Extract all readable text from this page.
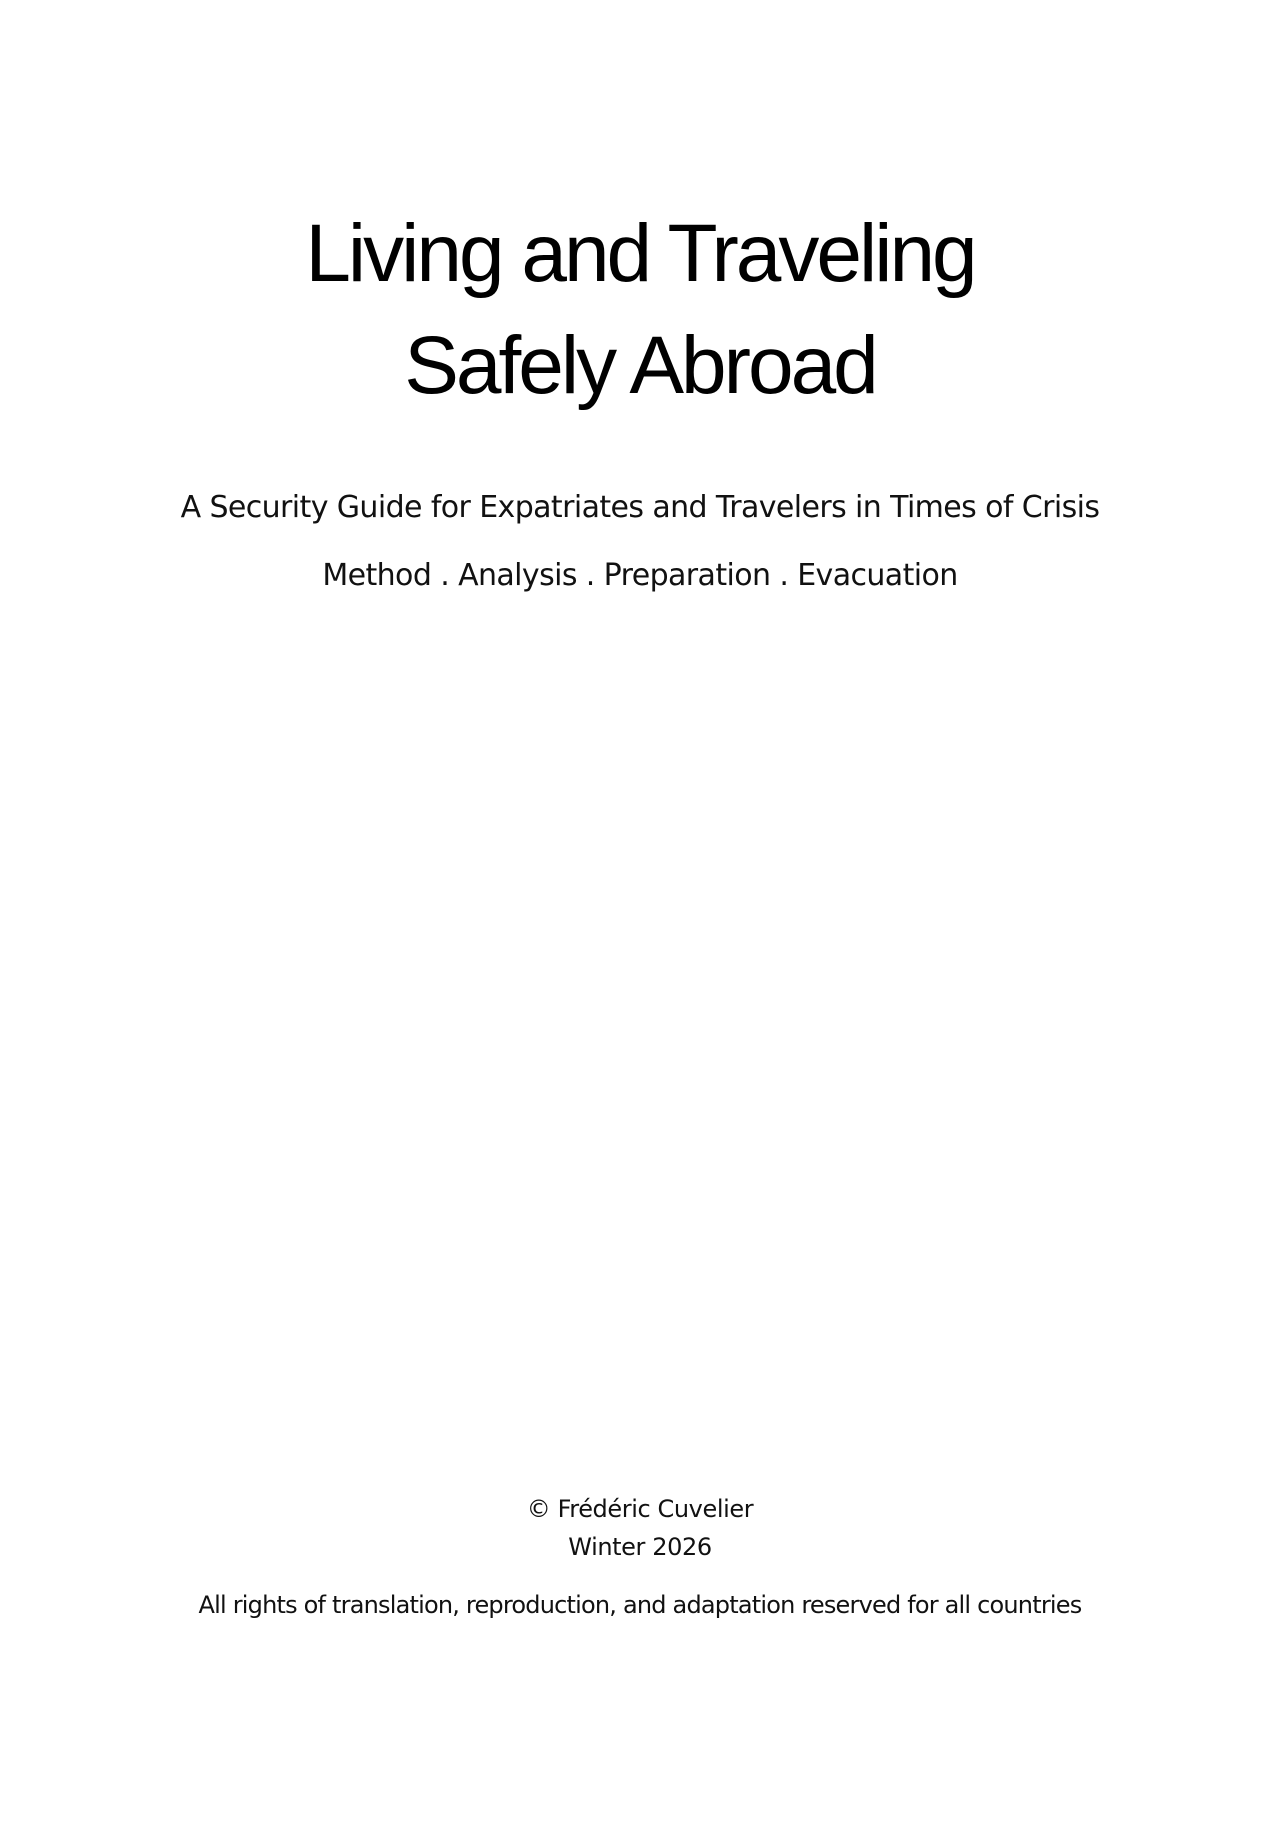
Living and Traveling
Safely Abroad
A Security Guide for Expatriates and Travelers in Times of Crisis
Method . Analysis . Preparation . Evacuation
© Frédéric Cuvelier
Winter 2026
All rights of translation, reproduction, and adaptation reserved for all countries
